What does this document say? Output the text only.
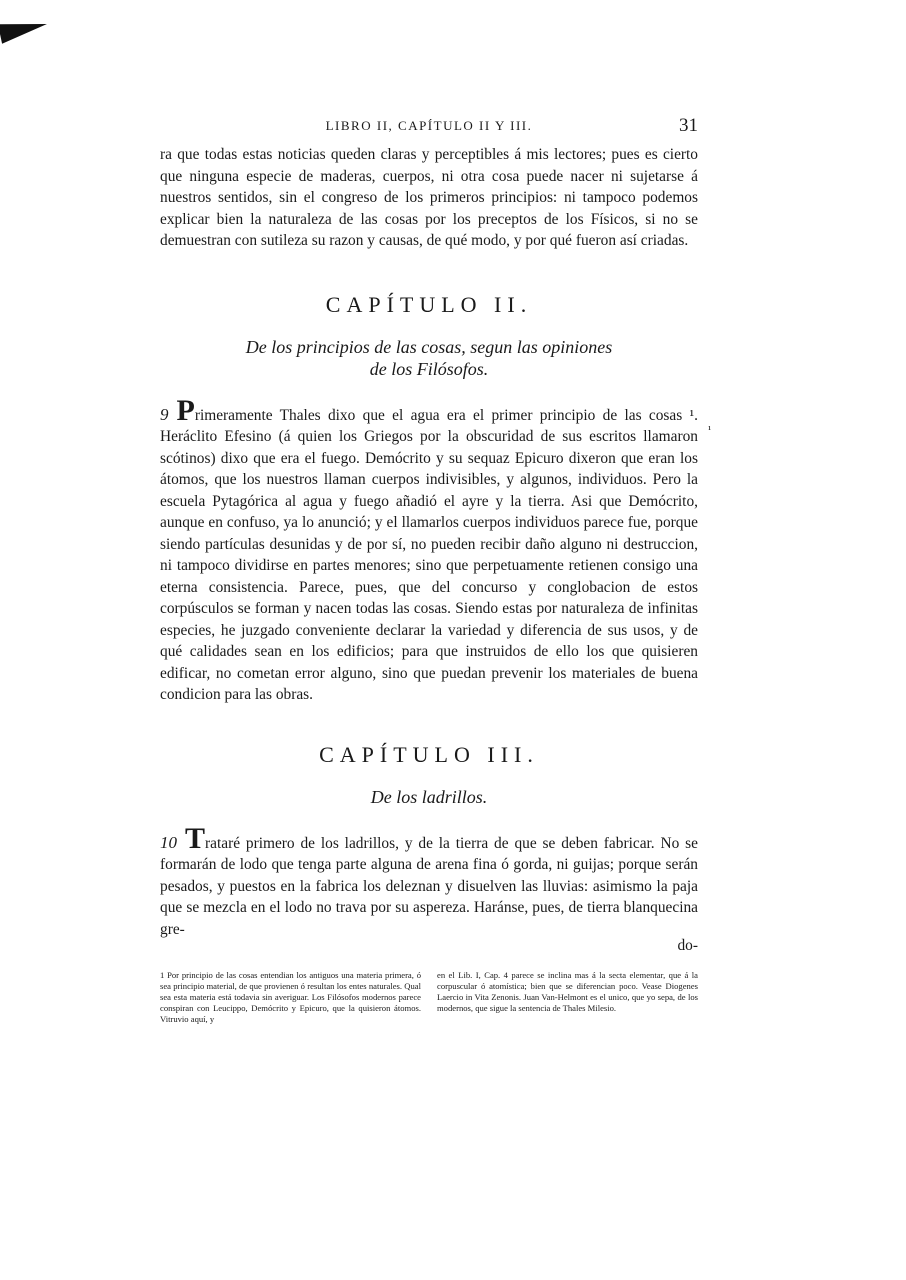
LIBRO II, CAPÍTULO II Y III.	31

ra que todas estas noticias queden claras y perceptibles á mis lectores; pues es cierto que ninguna especie de maderas, cuerpos, ni otra cosa puede nacer ni sujetarse á nuestros sentidos, sin el congreso de los primeros principios: ni tampoco podemos explicar bien la naturaleza de las cosas por los preceptos de los Físicos, si no se demuestran con sutileza su razon y causas, de qué modo, y por qué fueron así criadas.

CAPÍTULO II.
De los principios de las cosas, segun las opiniones
de los Filósofos.
¹

9 Primeramente Thales dixo que el agua era el primer principio de las cosas ¹. Heráclito Efesino (á quien los Griegos por la obscuridad de sus escritos llamaron scótinos) dixo que era el fuego. Demócrito y su sequaz Epicuro dixeron que eran los átomos, que los nuestros llaman cuerpos indivisibles, y algunos, individuos. Pero la escuela Pytagórica al agua y fuego añadió el ayre y la tierra. Asi que Demócrito, aunque en confuso, ya lo anunció; y el llamarlos cuerpos individuos parece fue, porque siendo partículas desunidas y de por sí, no pueden recibir daño alguno ni destruccion, ni tampoco dividirse en partes menores; sino que perpetuamente retienen consigo una eterna consistencia. Parece, pues, que del concurso y conglobacion de estos corpúsculos se forman y nacen todas las cosas. Siendo estas por naturaleza de infinitas especies, he juzgado conveniente declarar la variedad y diferencia de sus usos, y de qué calidades sean en los edificios; para que instruidos de ello los que quisieren edificar, no cometan error alguno, sino que puedan prevenir los materiales de buena condicion para las obras.

CAPÍTULO III.
De los ladrillos.

10 Trataré primero de los ladrillos, y de la tierra de que se deben fabricar. No se formarán de lodo que tenga parte alguna de arena fina ó gorda, ni guijas; porque serán pesados, y puestos en la fabrica los deleznan y disuelven las lluvias: asimismo la paja que se mezcla en el lodo no trava por su aspereza. Haránse, pues, de tierra blanquecina gre-

do-
1 Por principio de las cosas entendian los antiguos una materia primera, ó sea principio material, de que provienen ó resultan los entes naturales. Qual sea esta materia está todavia sin averiguar. Los Filósofos modernos parece conspiran con Leucippo, Demócrito y Epicuro, que la quisieron átomos. Vitruvio aquí, y
en el Lib. I, Cap. 4 parece se inclina mas á la secta elementar, que á la corpuscular ó atomística; bien que se diferencian poco. Vease Diogenes Laercio in Vita Zenonis. Juan Van-Helmont es el unico, que yo sepa, de los modernos, que sigue la sentencia de Thales Milesio.
